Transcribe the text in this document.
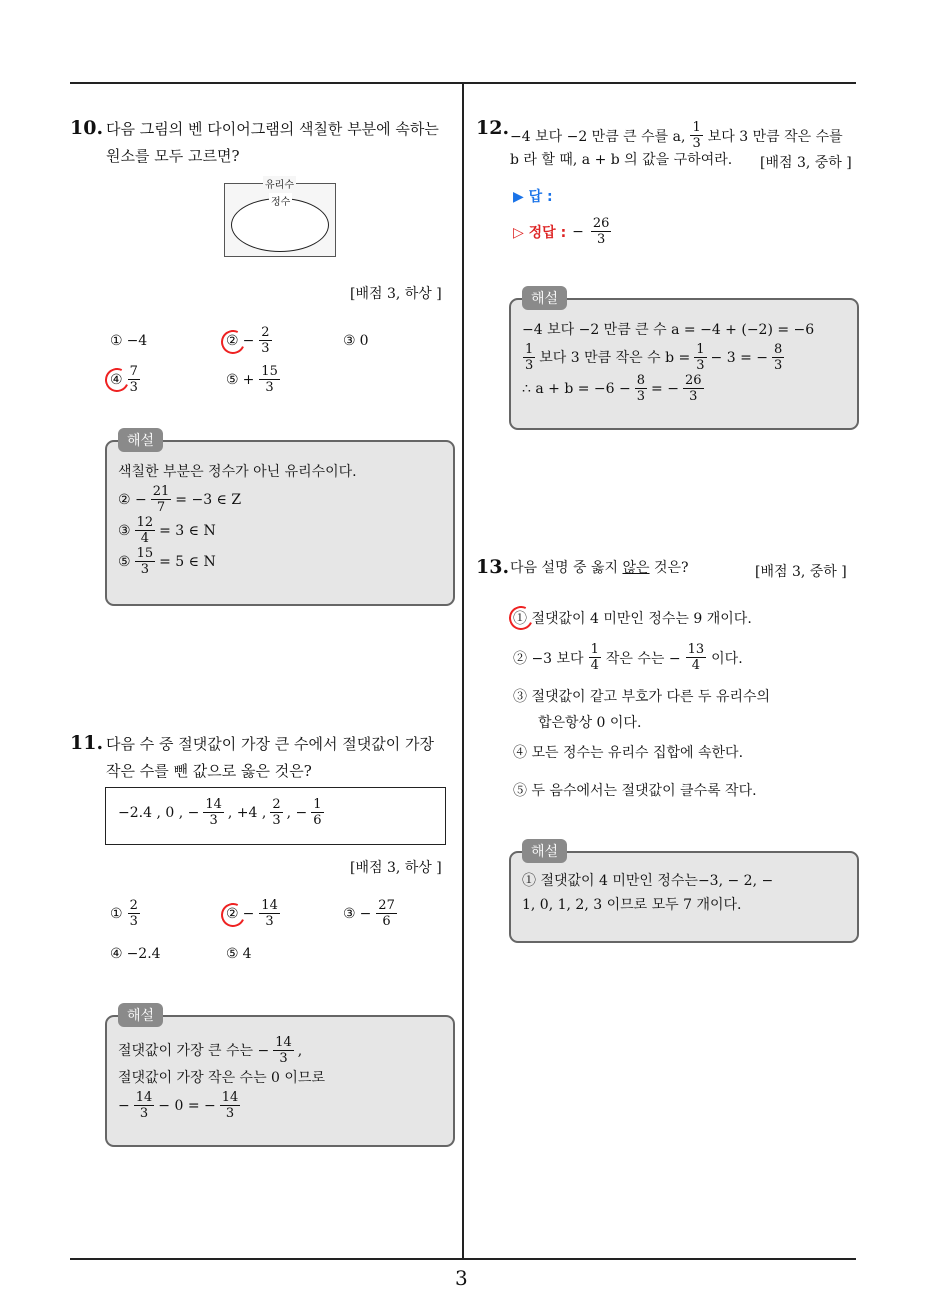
10. 다음 그림의 벤 다이어그램의 색칠한 부분에 속하는
원소를 모두 고르면?
유리수
정수
[배점 3, 하상 ]
① −4	② − $\frac{2}{3}$	③ 0
④ $\frac{7}{3}$	⑤ + $\frac{15}{3}$
해설
색칠한 부분은 정수가 아닌 유리수이다.
② − $\frac{21}{7} = -3$ ∈ Z
③ $\frac{12}{4} = 3$ ∈ N
⑤ $\frac{15}{3} = 5$ ∈ N
11. 다음 수 중 절댓값이 가장 큰 수에서 절댓값이 가장
작은 수를 뺀 값으로 옳은 것은?
−2.4 , 0 , − $\frac{14}{3}$ , +4 , $\frac{2}{3}$ , − $\frac{1}{6}$
[배점 3, 하상 ]
① $\frac{2}{3}$	② − $\frac{14}{3}$	③ − $\frac{27}{6}$
④ −2.4	⑤ 4
해설
절댓값이 가장 큰 수는 − $\frac{14}{3}$ ,
절댓값이 가장 작은 수는 0 이므로
− $\frac{14}{3} - 0$ = − $\frac{14}{3}$
12. −4 보다 −2 만큼 큰 수를 a, $\frac{1}{3}$ 보다 3 만큼 작은 수를
b 라 할 때, a + b 의 값을 구하여라. [배점 3, 중하 ]
▶ 답 :
▷ 정답 : − $\frac{26}{3}$
해설
−4 보다 −2 만큼 큰 수 a = −4 + (−2) = −6
$\frac{1}{3}$ 보다 3 만큼 작은 수 $b = \frac{1}{3} - 3$ = − $\frac{8}{3}$
∴ $a + b = -6 - \frac{8}{3}$ = − $\frac{26}{3}$
13. 다음 설명 중 옳지 않은 것은?	[배점 3, 중하 ]
① 절댓값이 4 미만인 정수는 9 개이다.
② −3 보다 $\frac{1}{4}$ 작은 수는 − $\frac{13}{4}$ 이다.
③ 절댓값이 같고 부호가 다른 두 유리수의
합은항상 0 이다.
④ 모든 정수는 유리수 집합에 속한다.
⑤ 두 음수에서는 절댓값이 클수록 작다.
해설
① 절댓값이 4 미만인 정수는−3, − 2, −
1, 0, 1, 2, 3 이므로 모두 7 개이다.
3
